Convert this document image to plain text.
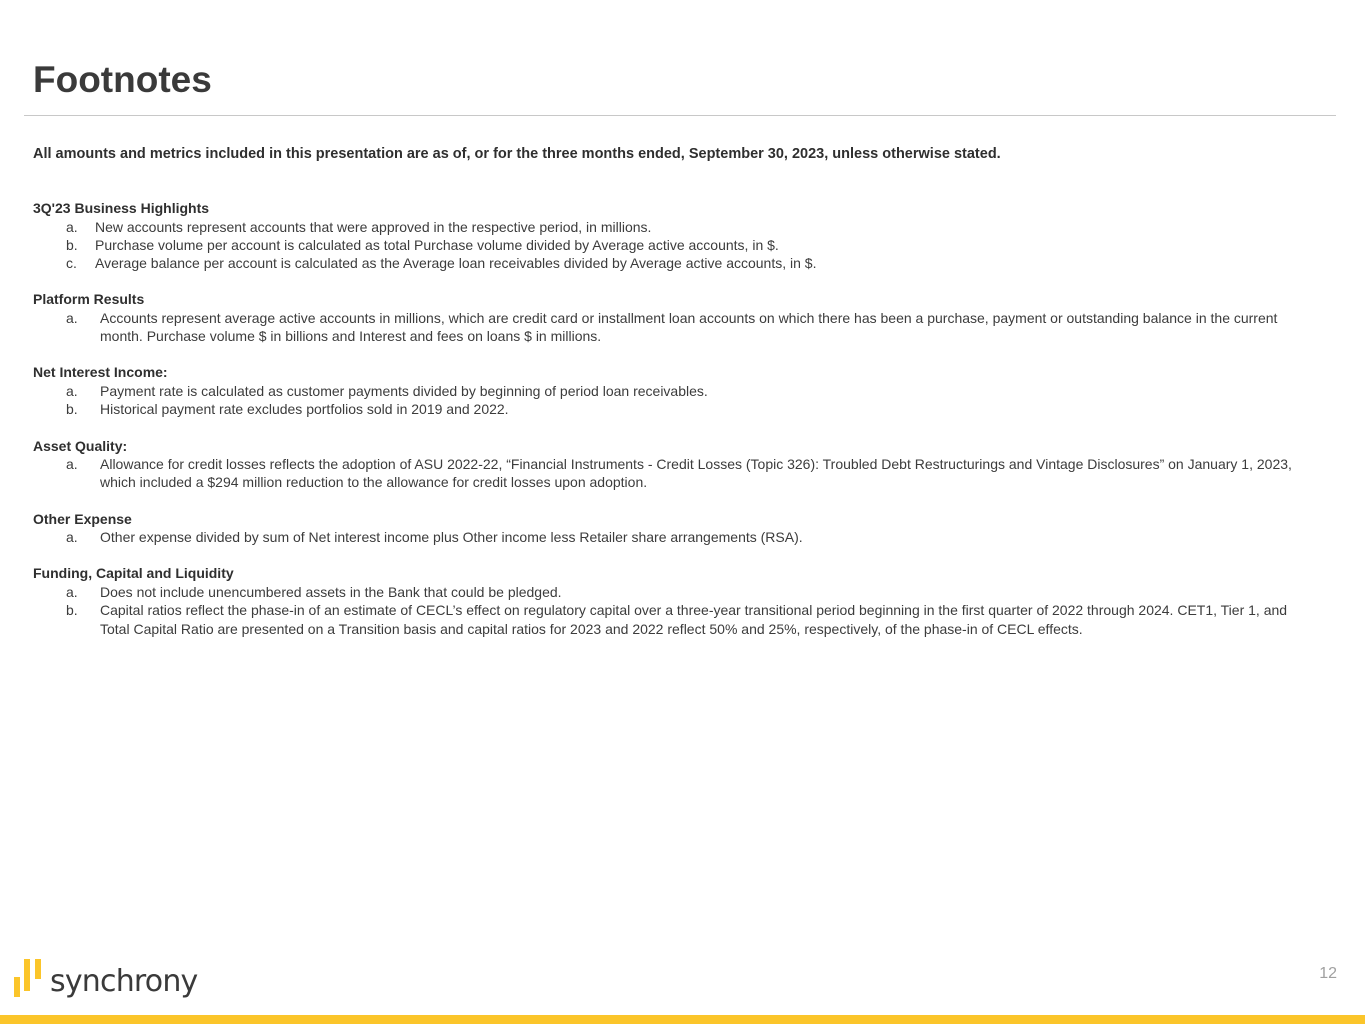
Footnotes
All amounts and metrics included in this presentation are as of, or for the three months ended, September 30, 2023, unless otherwise stated.

3Q'23 Business Highlights

a.	New accounts represent accounts that were approved in the respective period, in millions.
b.	Purchase volume per account is calculated as total Purchase volume divided by Average active accounts, in $.
c.	Average balance per account is calculated as the Average loan receivables divided by Average active accounts, in $.

Platform Results

a.	Accounts represent average active accounts in millions, which are credit card or installment loan accounts on which there has been a purchase, payment or outstanding balance in the current month. Purchase volume $ in billions and Interest and fees on loans $ in millions.

Net Interest Income:

a.	Payment rate is calculated as customer payments divided by beginning of period loan receivables.
b.	Historical payment rate excludes portfolios sold in 2019 and 2022.

Asset Quality:

a.	Allowance for credit losses reflects the adoption of ASU 2022-22, “Financial Instruments - Credit Losses (Topic 326): Troubled Debt Restructurings and Vintage Disclosures” on January 1, 2023, which included a $294 million reduction to the allowance for credit losses upon adoption.

Other Expense

a.	Other expense divided by sum of Net interest income plus Other income less Retailer share arrangements (RSA).

Funding, Capital and Liquidity

a.	Does not include unencumbered assets in the Bank that could be pledged.
b.	Capital ratios reflect the phase-in of an estimate of CECL’s effect on regulatory capital over a three-year transitional period beginning in the first quarter of 2022 through 2024. CET1, Tier 1, and Total Capital Ratio are presented on a Transition basis and capital ratios for 2023 and 2022 reflect 50% and 25%, respectively, of the phase-in of CECL effects.
synchrony	12
